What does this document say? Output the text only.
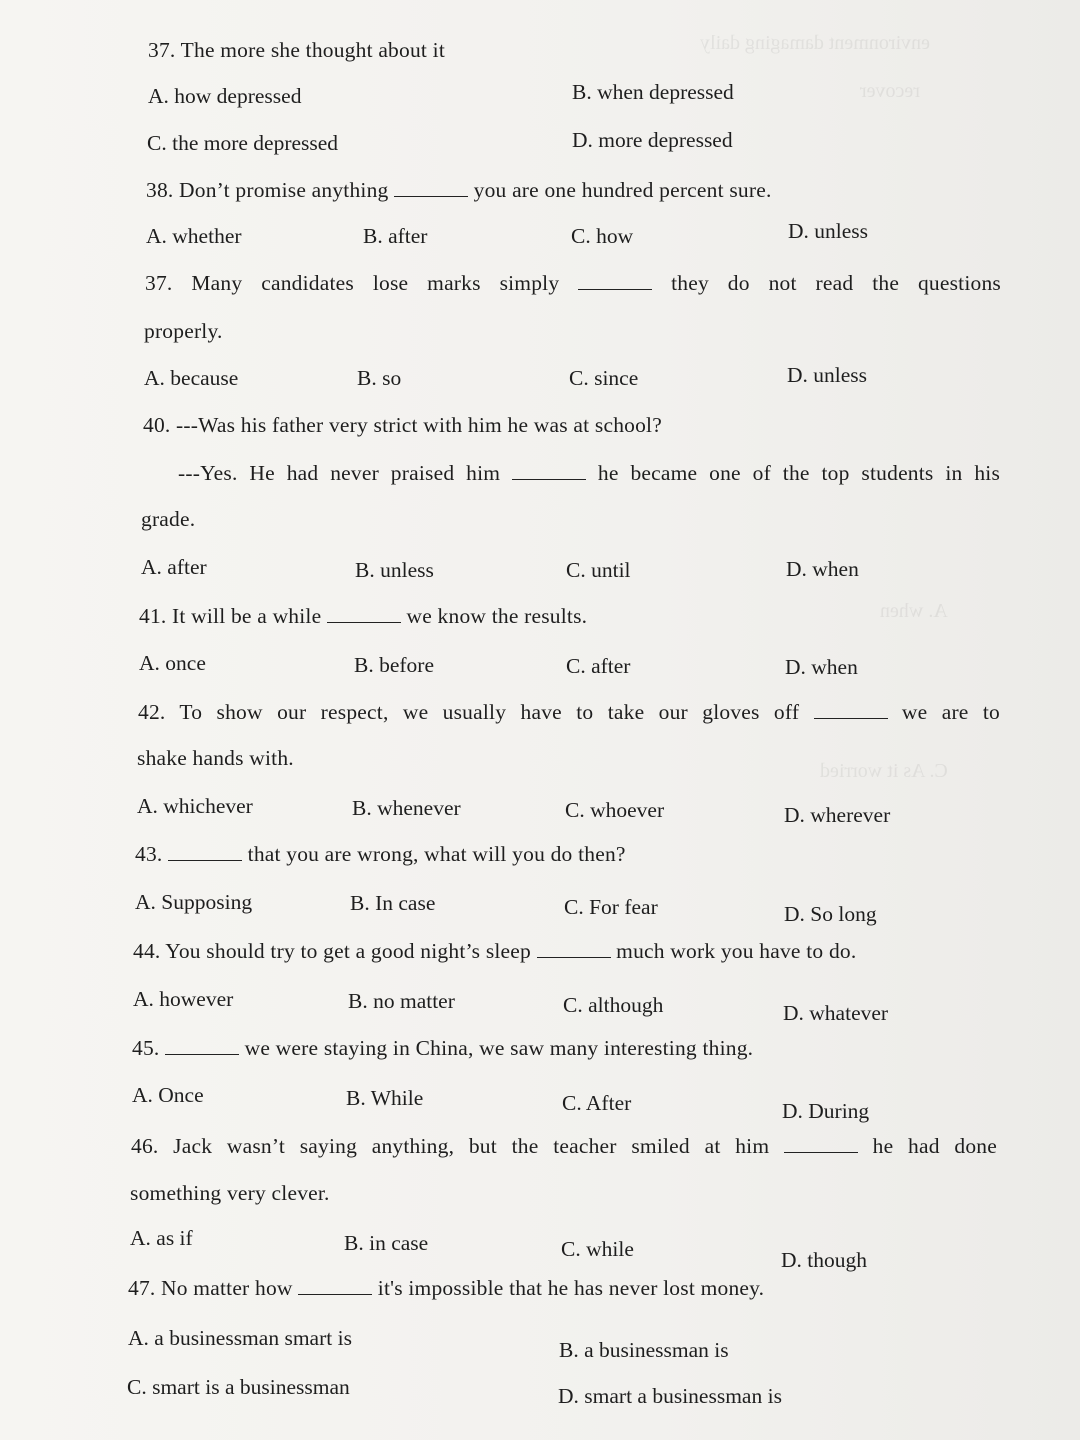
environment damaging daily
recover
A. when
C. As it worried
37. The more she thought about it
A. how depressed	B. when depressed
C. the more depressed	D. more depressed
38. Don’t promise anything	you are one hundred percent sure.
A. whether	B. after	C. how	D. unless
37. Many candidates lose marks simply	they do not read the questions
properly.
A. because	B. so	C. since	D. unless
40. ---Was his father very strict with him he was at school?
---Yes. He had never praised him	he became one of the top students in his
grade.
A. after	B. unless	C. until	D. when
41. It will be a while	we know the results.
A. once	B. before	C. after	D. when
42. To show our respect, we usually have to take our gloves off	we are to
shake hands with.
A. whichever	B. whenever	C. whoever	D. wherever
43.	that you are wrong, what will you do then?
A. Supposing	B. In case	C. For fear	D. So long
44. You should try to get a good night’s sleep	much work you have to do.
A. however	B. no matter	C. although	D. whatever
45.	we were staying in China, we saw many interesting thing.
A. Once	B. While	C. After	D. During
46. Jack wasn’t saying anything, but the teacher smiled at him	he had done
something very clever.
A. as if	B. in case	C. while	D. though
47. No matter how	it's impossible that he has never lost money.
A. a businessman smart is	B. a businessman is
C. smart is a businessman	D. smart a businessman is
